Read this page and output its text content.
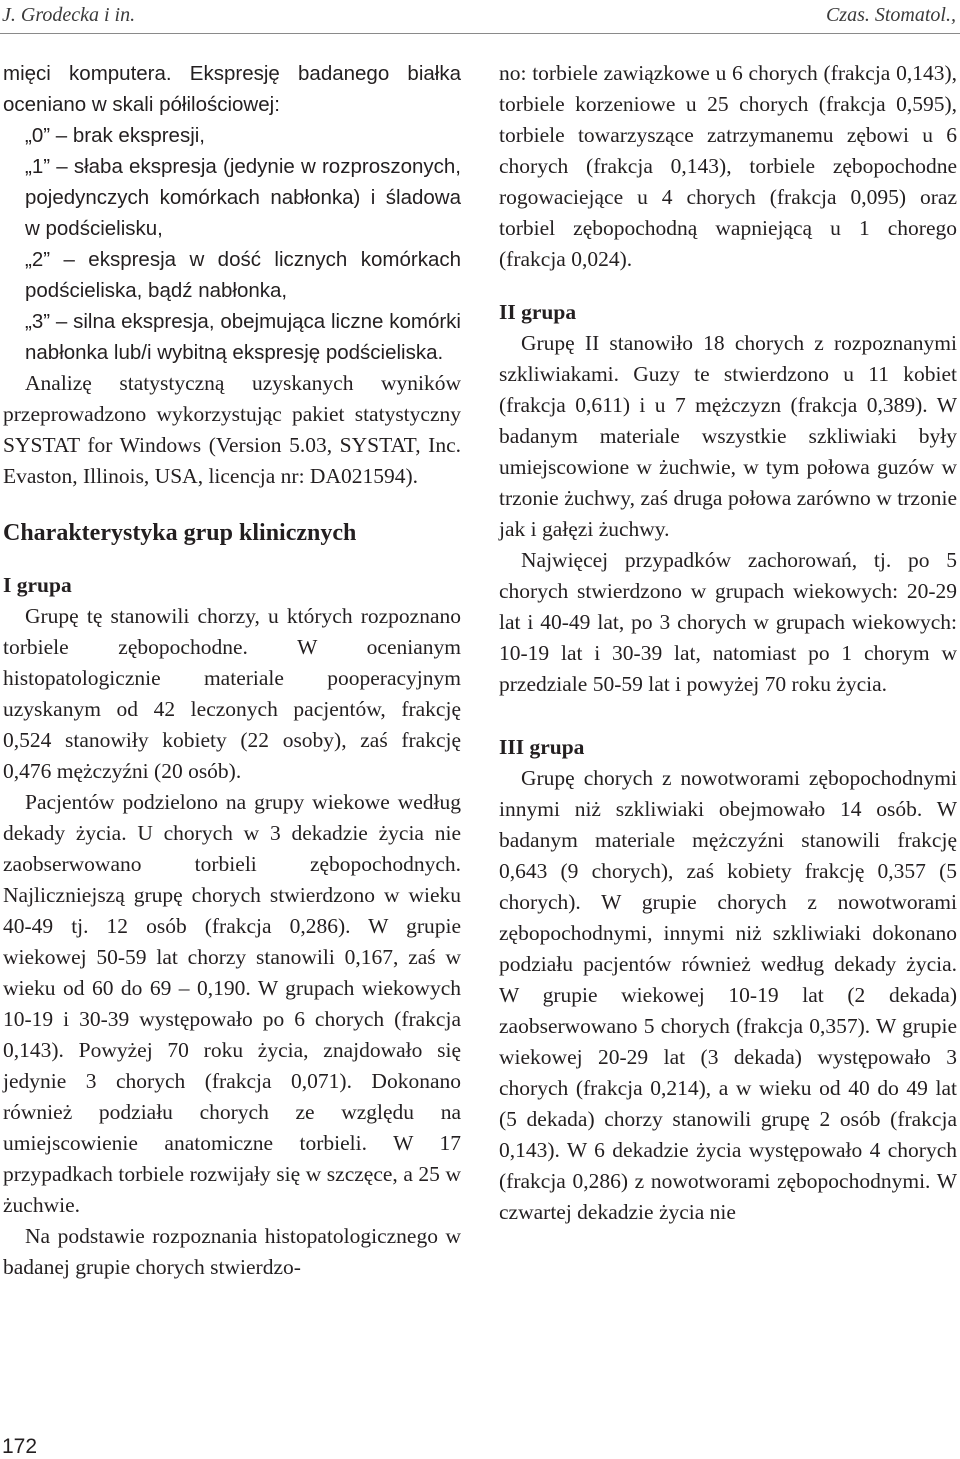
J. Grodecka i in.	Czas. Stomatol.,

mięci komputera. Ekspresję badanego białka oceniano w skali półilościowej:

„0” – brak ekspresji,

„1” – słaba ekspresja (jedynie w rozproszonych, pojedynczych komórkach nabłonka) i śladowa w podścielisku,

„2” – ekspresja w dość licznych komórkach podścieliska, bądź nabłonka,

„3” – silna ekspresja, obejmująca liczne komórki nabłonka lub/i wybitną ekspresję podścieliska.

Analizę statystyczną uzyskanych wyników przeprowadzono wykorzystując pakiet statystyczny SYSTAT for Windows (Version 5.03, SYSTAT, Inc. Evaston, Illinois, USA, licencja nr: DA021594).

Charakterystyka grup klinicznych
I grupa

Grupę tę stanowili chorzy, u których rozpoznano torbiele zębopochodne. W ocenianym histopatologicznie materiale pooperacyjnym uzyskanym od 42 leczonych pacjentów, frakcję 0,524 stanowiły kobiety (22 osoby), zaś frakcję 0,476 mężczyźni (20 osób).

Pacjentów podzielono na grupy wiekowe według dekady życia. U chorych w 3 dekadzie życia nie zaobserwowano torbieli zębopochodnych. Najliczniejszą grupę chorych stwierdzono w wieku 40-49 tj. 12 osób (frakcja 0,286). W grupie wiekowej 50-59 lat chorzy stanowili 0,167, zaś w wieku od 60 do 69 – 0,190. W grupach wiekowych 10-19 i 30-39 występowało po 6 chorych (frakcja 0,143). Powyżej 70 roku życia, znajdowało się jedynie 3 chorych (frakcja 0,071). Dokonano również podziału chorych ze względu na umiejscowienie anatomiczne torbieli. W 17 przypadkach torbiele rozwijały się w szczęce, a 25 w żuchwie.

Na podstawie rozpoznania histopatologicznego w badanej grupie chorych stwierdzo-

no: torbiele zawiązkowe u 6 chorych (frakcja 0,143), torbiele korzeniowe u 25 chorych (frakcja 0,595), torbiele towarzyszące zatrzymanemu zębowi u 6 chorych (frakcja 0,143), torbiele zębopochodne rogowaciejące u 4 chorych (frakcja 0,095) oraz torbiel zębopochodną wapniejącą u 1 chorego (frakcja 0,024).

II grupa

Grupę II stanowiło 18 chorych z rozpoznanymi szkliwiakami. Guzy te stwierdzono u 11 kobiet (frakcja 0,611) i u 7 mężczyzn (frakcja 0,389). W badanym materiale wszystkie szkliwiaki były umiejscowione w żuchwie, w tym połowa guzów w trzonie żuchwy, zaś druga połowa zarówno w trzonie jak i gałęzi żuchwy.

Najwięcej przypadków zachorowań, tj. po 5 chorych stwierdzono w grupach wiekowych: 20-29 lat i 40-49 lat, po 3 chorych w grupach wiekowych: 10-19 lat i 30-39 lat, natomiast po 1 chorym w przedziale 50-59 lat i powyżej 70 roku życia.

III grupa

Grupę chorych z nowotworami zębopochodnymi innymi niż szkliwiaki obejmowało 14 osób. W badanym materiale mężczyźni stanowili frakcję 0,643 (9 chorych), zaś kobiety frakcję 0,357 (5 chorych). W grupie chorych z nowotworami zębopochodnymi, innymi niż szkliwiaki dokonano podziału pacjentów również według dekady życia. W grupie wiekowej 10-19 lat (2 dekada) zaobserwowano 5 chorych (frakcja 0,357). W grupie wiekowej 20-29 lat (3 dekada) występowało 3 chorych (frakcja 0,214), a w wieku od 40 do 49 lat (5 dekada) chorzy stanowili grupę 2 osób (frakcja 0,143). W 6 dekadzie życia występowało 4 chorych (frakcja 0,286) z nowotworami zębopochodnymi. W czwartej dekadzie życia nie

172
